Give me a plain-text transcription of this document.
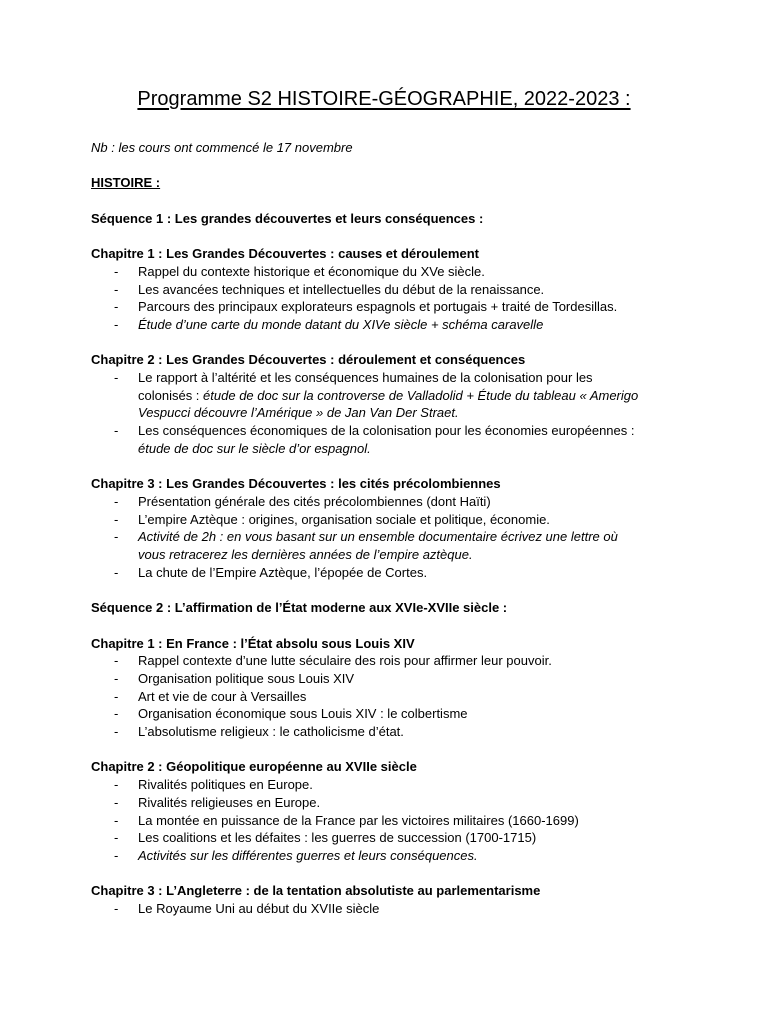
Programme S2 HISTOIRE-GÉOGRAPHIE, 2022-2023 :

Nb : les cours ont commencé le 17 novembre

HISTOIRE :

Séquence 1 : Les grandes découvertes et leurs conséquences :

Chapitre 1 : Les Grandes Découvertes : causes et déroulement

- Rappel du contexte historique et économique du XVe siècle.
- Les avancées techniques et intellectuelles du début de la renaissance.
- Parcours des principaux explorateurs espagnols et portugais + traité de Tordesillas.
- Étude d’une carte du monde datant du XIVe siècle + schéma caravelle

Chapitre 2 : Les Grandes Découvertes : déroulement et conséquences

- Le rapport à l’altérité et les conséquences humaines de la colonisation pour les
colonisés : étude de doc sur la controverse de Valladolid + Étude du tableau « Amerigo
Vespucci découvre l’Amérique » de Jan Van Der Straet.
- Les conséquences économiques de la colonisation pour les économies européennes :
étude de doc sur le siècle d’or espagnol.

Chapitre 3 : Les Grandes Découvertes : les cités précolombiennes

- Présentation générale des cités précolombiennes (dont Haïti)
- L’empire Aztèque : origines, organisation sociale et politique, économie.
- Activité de 2h : en vous basant sur un ensemble documentaire écrivez une lettre où
vous retracerez les dernières années de l’empire aztèque.
- La chute de l’Empire Aztèque, l’épopée de Cortes.

Séquence 2 : L’affirmation de l’État moderne aux XVIe-XVIIe siècle :

Chapitre 1 : En France : l’État absolu sous Louis XIV

- Rappel contexte d’une lutte séculaire des rois pour affirmer leur pouvoir.
- Organisation politique sous Louis XIV
- Art et vie de cour à Versailles
- Organisation économique sous Louis XIV : le colbertisme
- L’absolutisme religieux : le catholicisme d’état.

Chapitre 2 : Géopolitique européenne au XVIIe siècle

- Rivalités politiques en Europe.
- Rivalités religieuses en Europe.
- La montée en puissance de la France par les victoires militaires (1660-1699)
- Les coalitions et les défaites : les guerres de succession (1700-1715)
- Activités sur les différentes guerres et leurs conséquences.

Chapitre 3 : L’Angleterre : de la tentation absolutiste au parlementarisme

- Le Royaume Uni au début du XVIIe siècle
